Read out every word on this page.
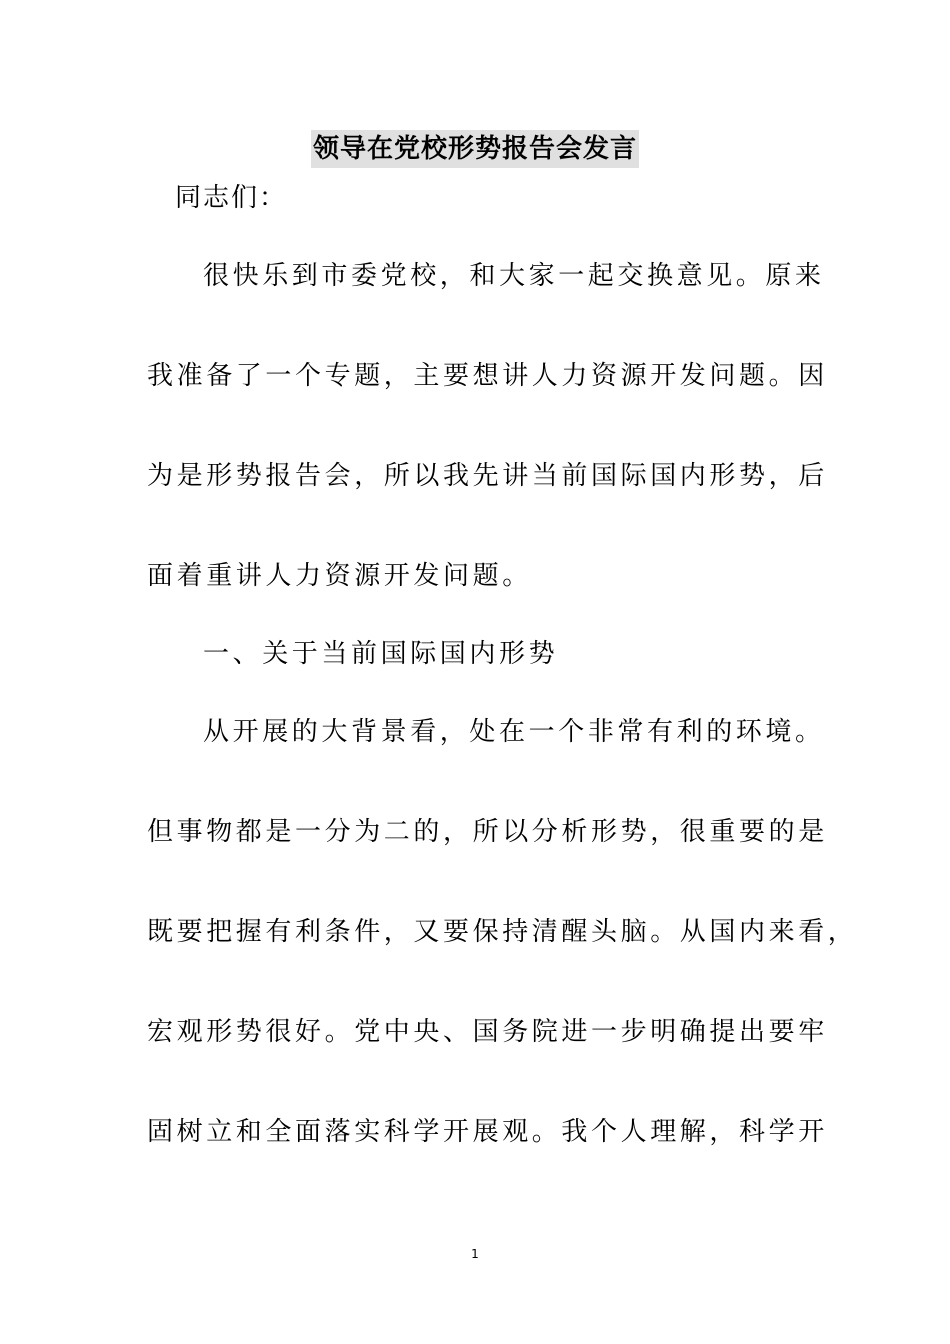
领导在党校形势报告会发言
同志们：
很快乐到市委党校，和大家一起交换意见。原来
我准备了一个专题，主要想讲人力资源开发问题。因
为是形势报告会，所以我先讲当前国际国内形势，后
面着重讲人力资源开发问题。
一、关于当前国际国内形势
从开展的大背景看，处在一个非常有利的环境。
但事物都是一分为二的，所以分析形势，很重要的是
既要把握有利条件，又要保持清醒头脑。从国内来看，
宏观形势很好。党中央、国务院进一步明确提出要牢
固树立和全面落实科学开展观。我个人理解，科学开
1
